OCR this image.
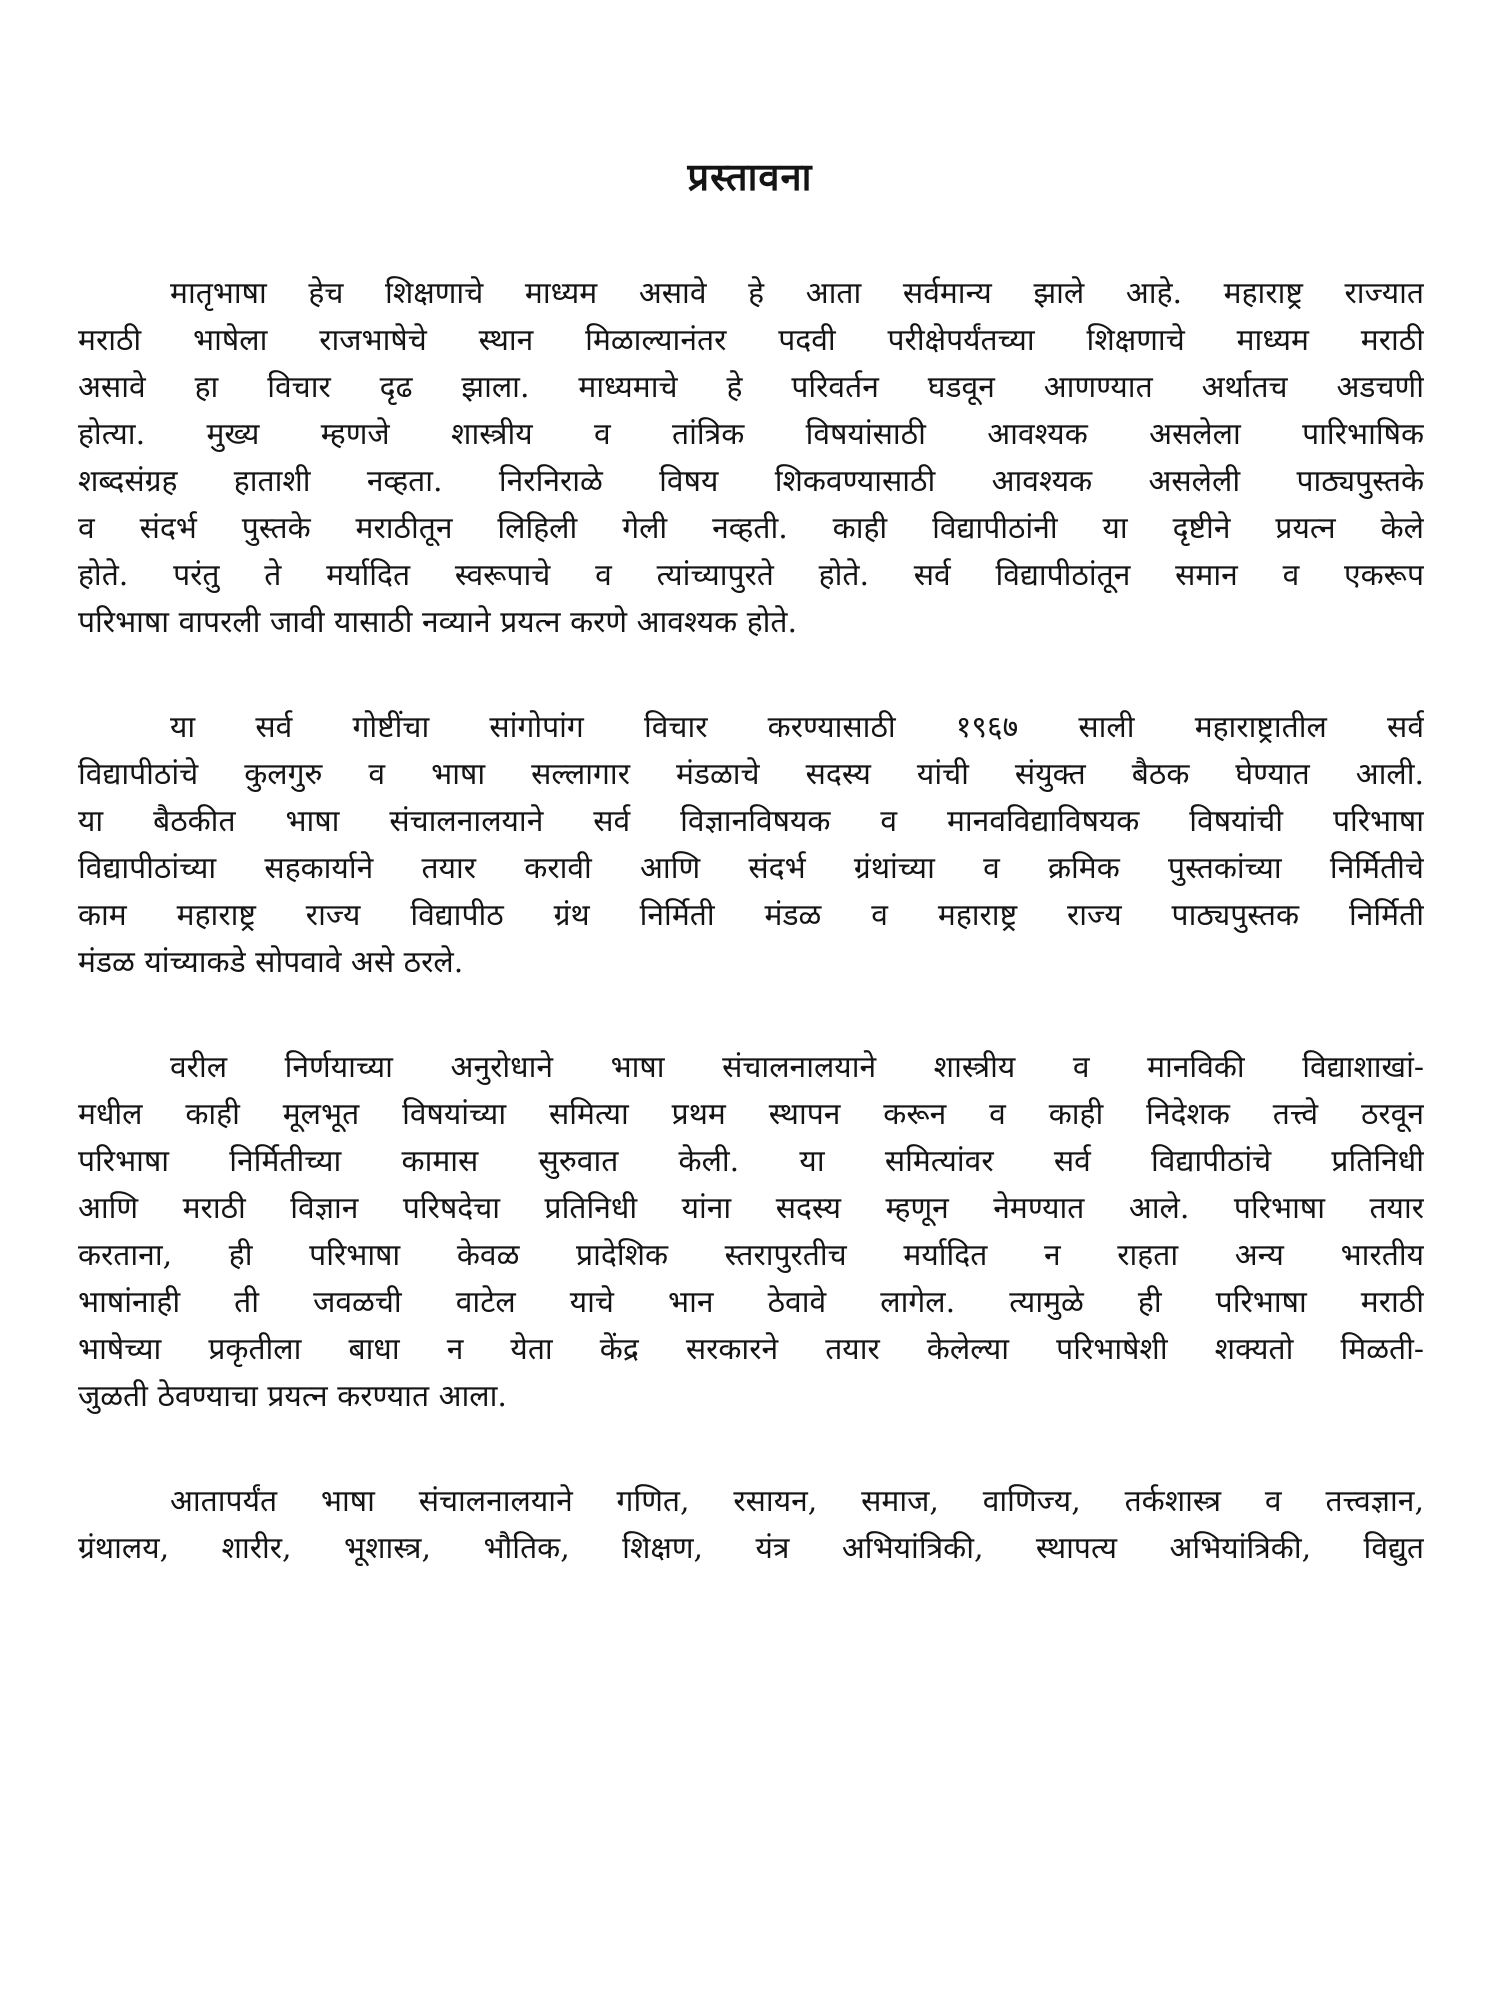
प्रस्तावना
मातृभाषा हेच शिक्षणाचे माध्यम असावे हे आता सर्वमान्य झाले आहे. महाराष्ट्र राज्यात
मराठी भाषेला राजभाषेचे स्थान मिळाल्यानंतर पदवी परीक्षेपर्यंतच्या शिक्षणाचे माध्यम मराठी
असावे हा विचार दृढ झाला. माध्यमाचे हे परिवर्तन घडवून आणण्यात अर्थातच अडचणी
होत्या. मुख्य म्हणजे शास्त्रीय व तांत्रिक विषयांसाठी आवश्यक असलेला पारिभाषिक
शब्दसंग्रह हाताशी नव्हता. निरनिराळे विषय शिकवण्यासाठी आवश्यक असलेली पाठ्यपुस्तके
व संदर्भ पुस्तके मराठीतून लिहिली गेली नव्हती. काही विद्यापीठांनी या दृष्टीने प्रयत्न केले
होते. परंतु ते मर्यादित स्वरूपाचे व त्यांच्यापुरते होते. सर्व विद्यापीठांतून समान व एकरूप
परिभाषा वापरली जावी यासाठी नव्याने प्रयत्न करणे आवश्यक होते.
या सर्व गोष्टींचा सांगोपांग विचार करण्यासाठी १९६७ साली महाराष्ट्रातील सर्व
विद्यापीठांचे कुलगुरु व भाषा सल्लागार मंडळाचे सदस्य यांची संयुक्त बैठक घेण्यात आली.
या बैठकीत भाषा संचालनालयाने सर्व विज्ञानविषयक व मानवविद्याविषयक विषयांची परिभाषा
विद्यापीठांच्या सहकार्याने तयार करावी आणि संदर्भ ग्रंथांच्या व क्रमिक पुस्तकांच्या निर्मितीचे
काम महाराष्ट्र राज्य विद्यापीठ ग्रंथ निर्मिती मंडळ व महाराष्ट्र राज्य पाठ्यपुस्तक निर्मिती
मंडळ यांच्याकडे सोपवावे असे ठरले.
वरील निर्णयाच्या अनुरोधाने भाषा संचालनालयाने शास्त्रीय व मानविकी विद्याशाखां-
मधील काही मूलभूत विषयांच्या समित्या प्रथम स्थापन करून व काही निदेशक तत्त्वे ठरवून
परिभाषा निर्मितीच्या कामास सुरुवात केली. या समित्यांवर सर्व विद्यापीठांचे प्रतिनिधी
आणि मराठी विज्ञान परिषदेचा प्रतिनिधी यांना सदस्य म्हणून नेमण्यात आले. परिभाषा तयार
करताना, ही परिभाषा केवळ प्रादेशिक स्तरापुरतीच मर्यादित न राहता अन्य भारतीय
भाषांनाही ती जवळची वाटेल याचे भान ठेवावे लागेल. त्यामुळे ही परिभाषा मराठी
भाषेच्या प्रकृतीला बाधा न येता केंद्र सरकारने तयार केलेल्या परिभाषेशी शक्यतो मिळती-
जुळती ठेवण्याचा प्रयत्न करण्यात आला.
आतापर्यंत भाषा संचालनालयाने गणित, रसायन, समाज, वाणिज्य, तर्कशास्त्र व तत्त्वज्ञान,
ग्रंथालय, शारीर, भूशास्त्र, भौतिक, शिक्षण, यंत्र अभियांत्रिकी, स्थापत्य अभियांत्रिकी, विद्युत
